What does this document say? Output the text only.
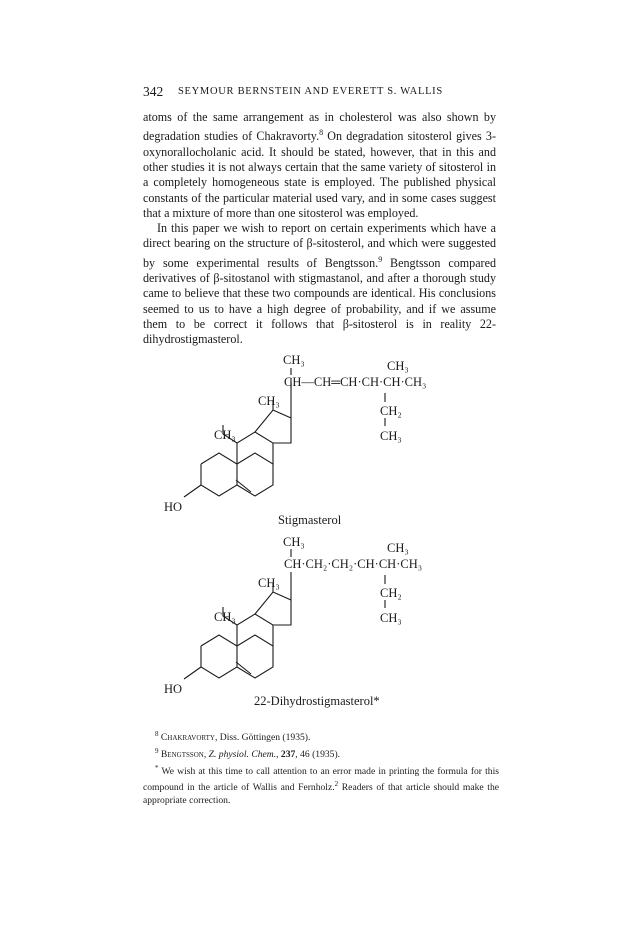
342 SEYMOUR BERNSTEIN AND EVERETT S. WALLIS

atoms of the same arrangement as in cholesterol was also shown by degradation studies of Chakravorty.$^8$ On degradation sitosterol gives 3-oxynorallocholanic acid. It should be stated, however, that in this and other studies it is not always certain that the same variety of sitosterol in a completely homogeneous state is employed. The published physical constants of the particular material used vary, and in some cases suggest that a mixture of more than one sitosterol was employed.

In this paper we wish to report on certain experiments which have a direct bearing on the structure of β-sitosterol, and which were suggested by some experimental results of Bengtsson.$^9$ Bengtsson compared derivatives of β-sitostanol with stigmastanol, and after a thorough study came to believe that these two compounds are identical. His conclusions seemed to us to have a high degree of probability, and if we assume them to be correct it follows that β-sitosterol is in reality 22-dihydrostigmasterol.

CH₃	CH₃
CH—CH═CH·CH·CH·CH₃
CH₃
CH₂
CH₃	CH₃
HO
Stigmasterol
CH₃	CH₃
CH·CH₂·CH₂·CH·CH·CH₃
CH₃
CH₂
CH₃	CH₃
HO
22-Dihydrostigmasterol*

$^8$ Chakravorty, Diss. Göttingen (1935).

$^9$ Bengtsson, Z. physiol. Chem., 237, 46 (1935).

* We wish at this time to call attention to an error made in printing the formula for this compound in the article of Wallis and Fernholz.$^2$ Readers of that article should make the appropriate correction.
